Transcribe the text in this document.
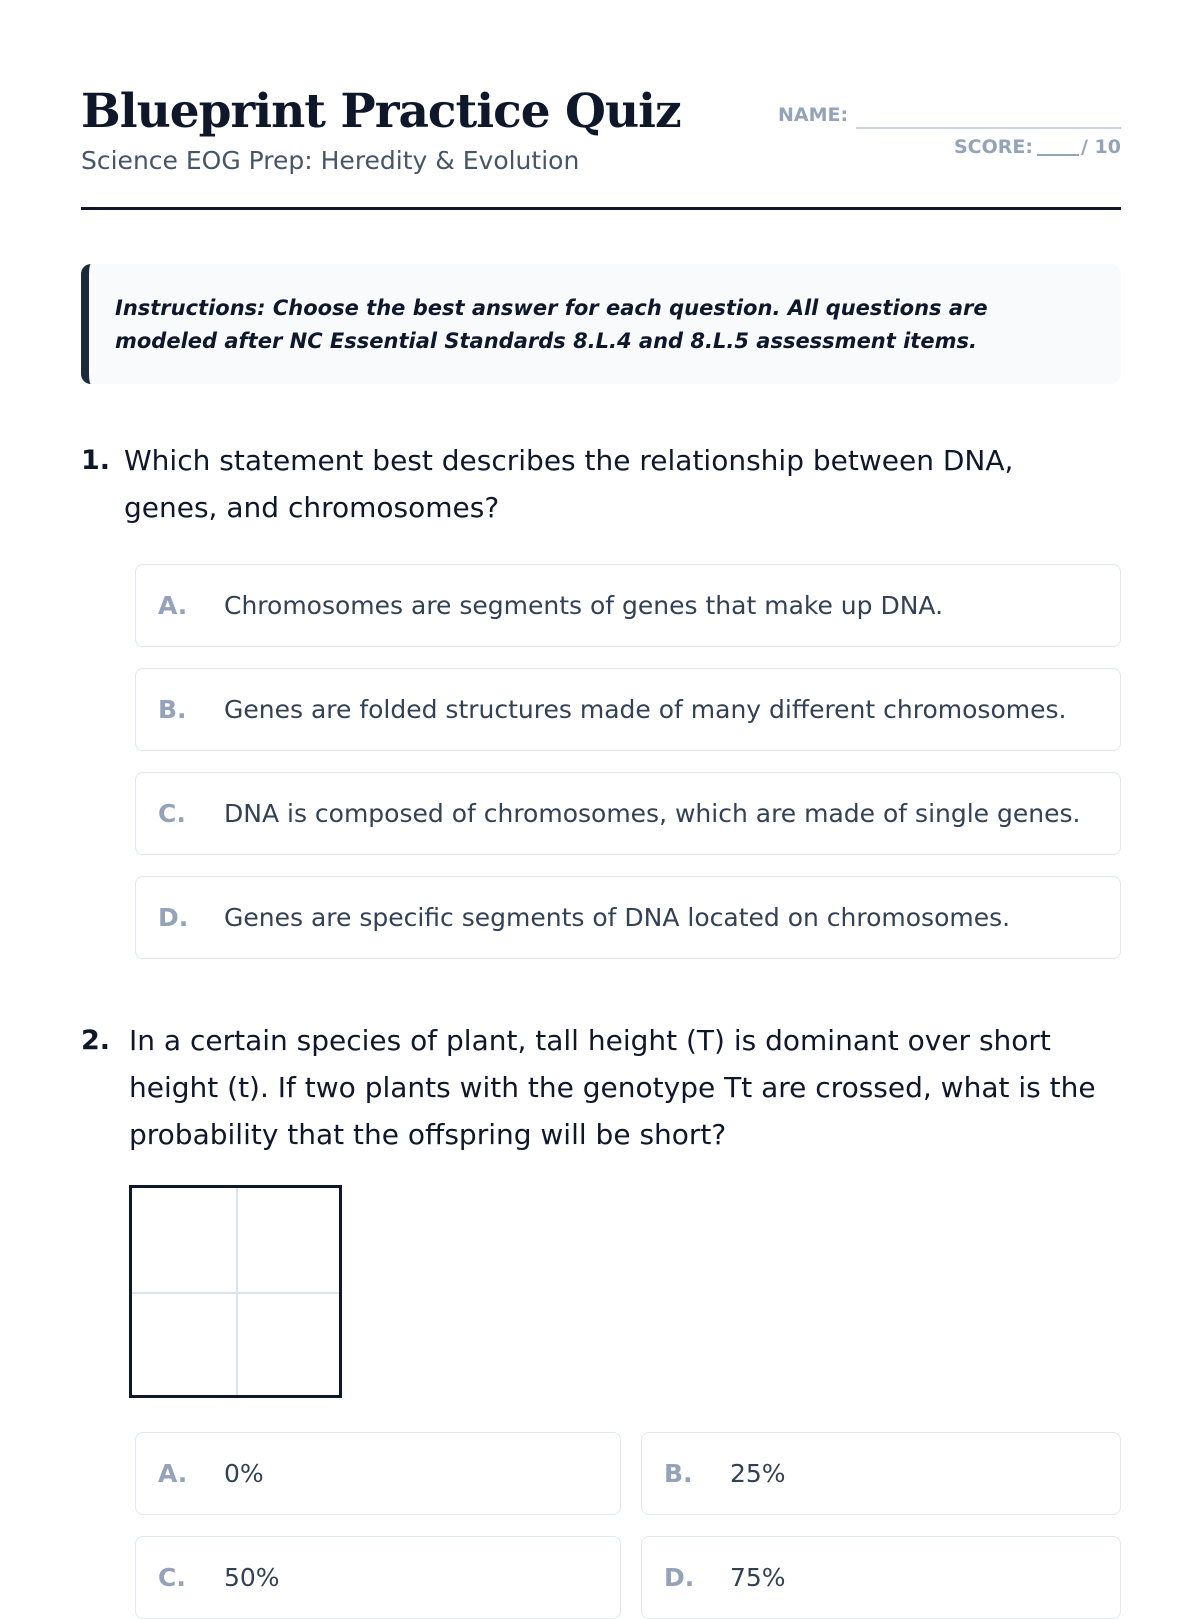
Blueprint Practice Quiz
Science EOG Prep: Heredity & Evolution
NAME:
SCORE:	/ 10

Instructions: Choose the best answer for each question. All questions are modeled after NC Essential Standards 8.L.4 and 8.L.5 assessment items.

1. Which statement best describes the relationship between DNA, genes, and chromosomes?
A. Chromosomes are segments of genes that make up DNA.
B. Genes are folded structures made of many different chromosomes.
C. DNA is composed of chromosomes, which are made of single genes.
D. Genes are specific segments of DNA located on chromosomes.
2. In a certain species of plant, tall height (T) is dominant over short height (t). If two plants with the genotype Tt are crossed, what is the probability that the offspring will be short?
A. 0%	B. 25%
C. 50%	D. 75%
